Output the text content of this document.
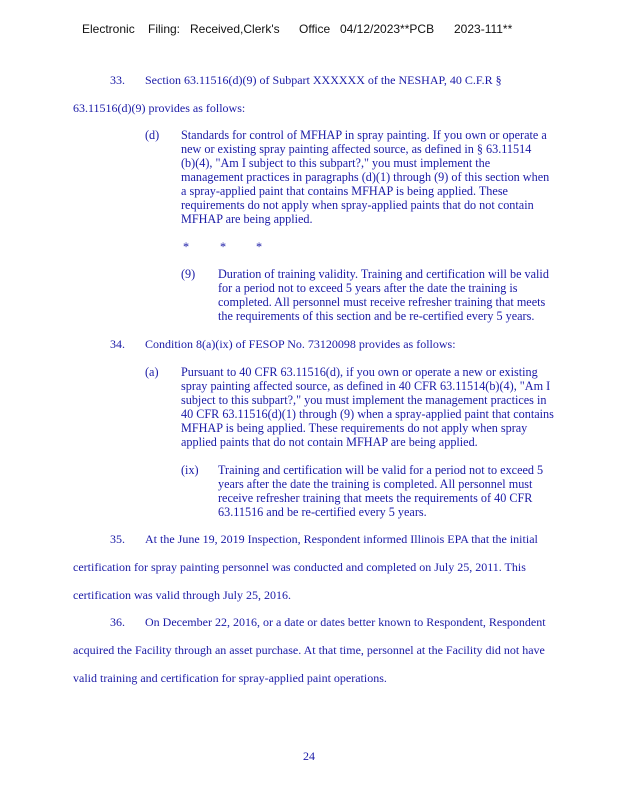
Electronic Filing: Received,Clerk's Office 04/12/2023**PCB 2023-111**
33. Section 63.11516(d)(9) of Subpart XXXXXX of the NESHAP, 40 C.F.R §
63.11516(d)(9) provides as follows:
(d) Standards for control of MFHAP in spray painting. If you own or operate a
new or existing spray painting affected source, as defined in § 63.11514
(b)(4), "Am I subject to this subpart?," you must implement the
management practices in paragraphs (d)(1) through (9) of this section when
a spray-applied paint that contains MFHAP is being applied. These
requirements do not apply when spray-applied paints that do not contain
MFHAP are being applied.
*	* *
(9) Duration of training validity. Training and certification will be valid
for a period not to exceed 5 years after the date the training is
completed. All personnel must receive refresher training that meets
the requirements of this section and be re-certified every 5 years.
34. Condition 8(a)(ix) of FESOP No. 73120098 provides as follows:
(a) Pursuant to 40 CFR 63.11516(d), if you own or operate a new or existing
spray painting affected source, as defined in 40 CFR 63.11514(b)(4), "Am I
subject to this subpart?," you must implement the management practices in
40 CFR 63.11516(d)(1) through (9) when a spray-applied paint that contains
MFHAP is being applied. These requirements do not apply when spray
applied paints that do not contain MFHAP are being applied.
(ix) Training and certification will be valid for a period not to exceed 5
years after the date the training is completed. All personnel must
receive refresher training that meets the requirements of 40 CFR
63.11516 and be re-certified every 5 years.
35. At the June 19, 2019 Inspection, Respondent informed Illinois EPA that the initial
certification for spray painting personnel was conducted and completed on July 25, 2011. This
certification was valid through July 25, 2016.
36. On December 22, 2016, or a date or dates better known to Respondent, Respondent
acquired the Facility through an asset purchase. At that time, personnel at the Facility did not have
valid training and certification for spray-applied paint operations.
24
